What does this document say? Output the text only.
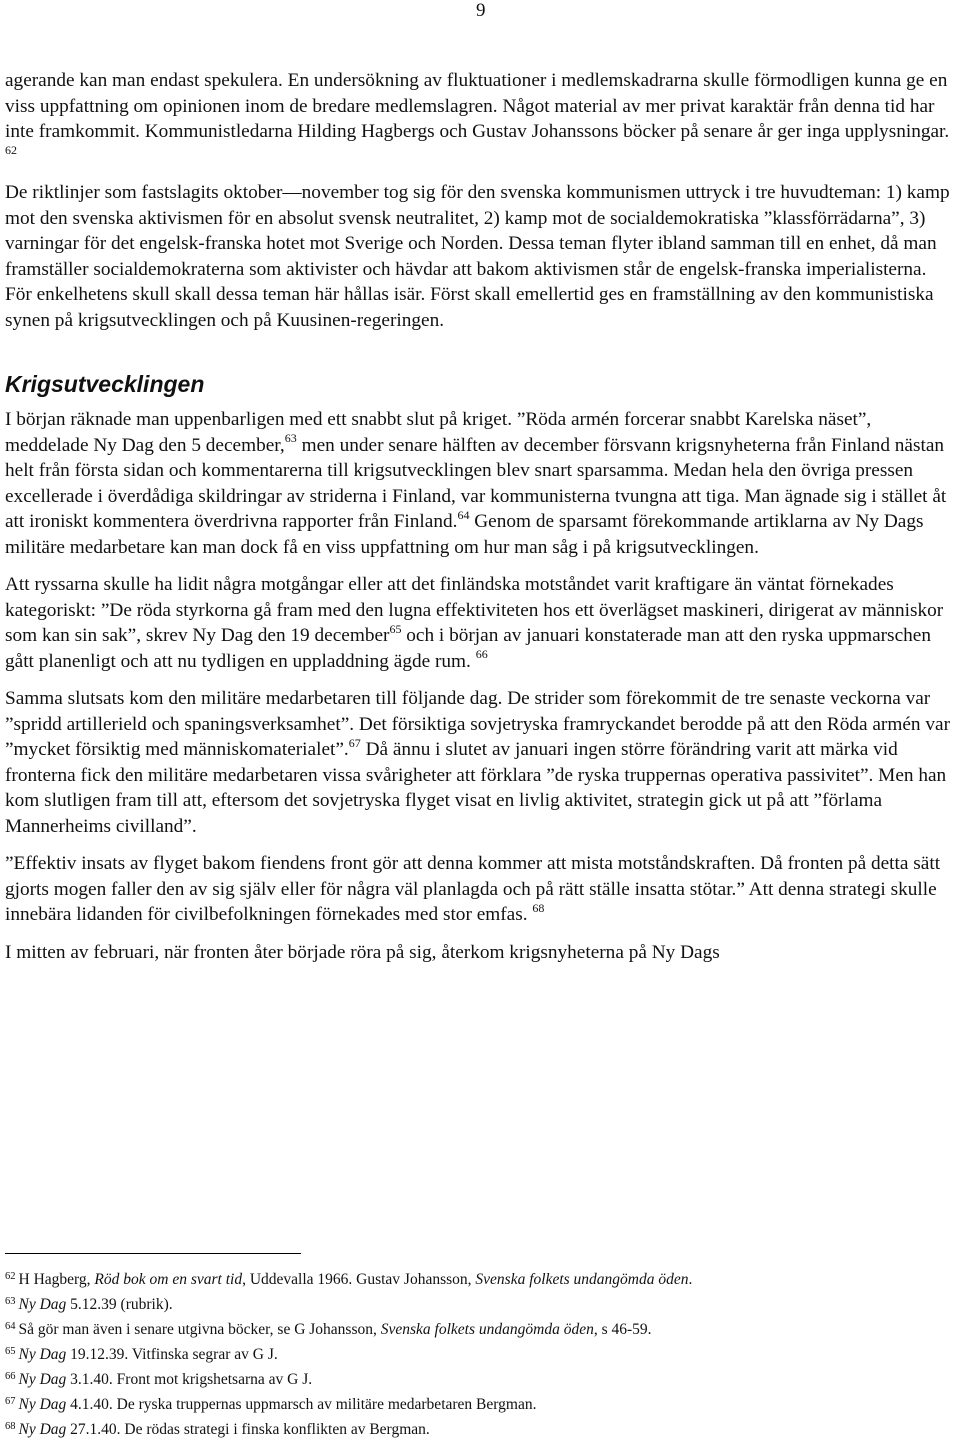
9

agerande kan man endast spekulera. En undersökning av fluktuationer i medlemskadrarna skulle förmodligen kunna ge en viss uppfattning om opinionen inom de bredare medlemslagren. Något material av mer privat karaktär från denna tid har inte framkommit. Kommunistledarna Hilding Hagbergs och Gustav Johanssons böcker på senare år ger inga upplysningar. $^{62}$

De riktlinjer som fastslagits oktober—november tog sig för den svenska kommunismen uttryck i tre huvudteman: 1) kamp mot den svenska aktivismen för en absolut svensk neutralitet, 2) kamp mot de socialdemokratiska ”klassförrädarna”, 3) varningar för det engelsk-franska hotet mot Sverige och Norden. Dessa teman flyter ibland samman till en enhet, då man framställer socialdemokraterna som aktivister och hävdar att bakom aktivismen står de engelsk-franska imperialisterna. För enkelhetens skull skall dessa teman här hållas isär. Först skall emellertid ges en framställning av den kommunistiska synen på krigsutvecklingen och på Kuusinen-regeringen.

Krigsutvecklingen

I början räknade man uppenbarligen med ett snabbt slut på kriget. ”Röda armén forcerar snabbt Karelska näset”, meddelade Ny Dag den 5 december,$^{63}$ men under senare hälften av december försvann krigsnyheterna från Finland nästan helt från första sidan och kommentarerna till krigsutvecklingen blev snart sparsamma. Medan hela den övriga pressen excellerade i överdådiga skildringar av striderna i Finland, var kommunisterna tvungna att tiga. Man ägnade sig i stället åt att ironiskt kommentera överdrivna rapporter från Finland.$^{64}$ Genom de sparsamt förekommande artiklarna av Ny Dags militäre medarbetare kan man dock få en viss uppfattning om hur man såg i på krigsutvecklingen.

Att ryssarna skulle ha lidit några motgångar eller att det finländska motståndet varit kraftigare än väntat förnekades kategoriskt: ”De röda styrkorna gå fram med den lugna effektiviteten hos ett överlägset maskineri, dirigerat av människor som kan sin sak”, skrev Ny Dag den 19 december$^{65}$ och i början av januari konstaterade man att den ryska uppmarschen gått planenligt och att nu tydligen en uppladdning ägde rum. $^{66}$

Samma slutsats kom den militäre medarbetaren till följande dag. De strider som förekommit de tre senaste veckorna var ”spridd artillerield och spaningsverksamhet”. Det försiktiga sovjetryska framryckandet berodde på att den Röda armén var ”mycket försiktig med människomaterialet”.$^{67}$ Då ännu i slutet av januari ingen större förändring varit att märka vid fronterna fick den militäre medarbetaren vissa svårigheter att förklara ”de ryska truppernas operativa passivitet”. Men han kom slutligen fram till att, eftersom det sovjetryska flyget visat en livlig aktivitet, strategin gick ut på att ”förlama Mannerheims civilland”.

”Effektiv insats av flyget bakom fiendens front gör att denna kommer att mista motståndskraften. Då fronten på detta sätt gjorts mogen faller den av sig själv eller för några väl planlagda och på rätt ställe insatta stötar.” Att denna strategi skulle innebära lidanden för civilbefolkningen förnekades med stor emfas. $^{68}$

I mitten av februari, när fronten åter började röra på sig, återkom krigsnyheterna på Ny Dags

$^{62}$ H Hagberg, Röd bok om en svart tid, Uddevalla 1966. Gustav Johansson, Svenska folkets undangömda öden.
$^{63}$ Ny Dag 5.12.39 (rubrik).
$^{64}$ Så gör man även i senare utgivna böcker, se G Johansson, Svenska folkets undangömda öden, s 46-59.
$^{65}$ Ny Dag 19.12.39. Vitfinska segrar av G J.
$^{66}$ Ny Dag 3.1.40. Front mot krigshetsarna av G J.
$^{67}$ Ny Dag 4.1.40. De ryska truppernas uppmarsch av militäre medarbetaren Bergman.
$^{68}$ Ny Dag 27.1.40. De rödas strategi i finska konflikten av Bergman.
